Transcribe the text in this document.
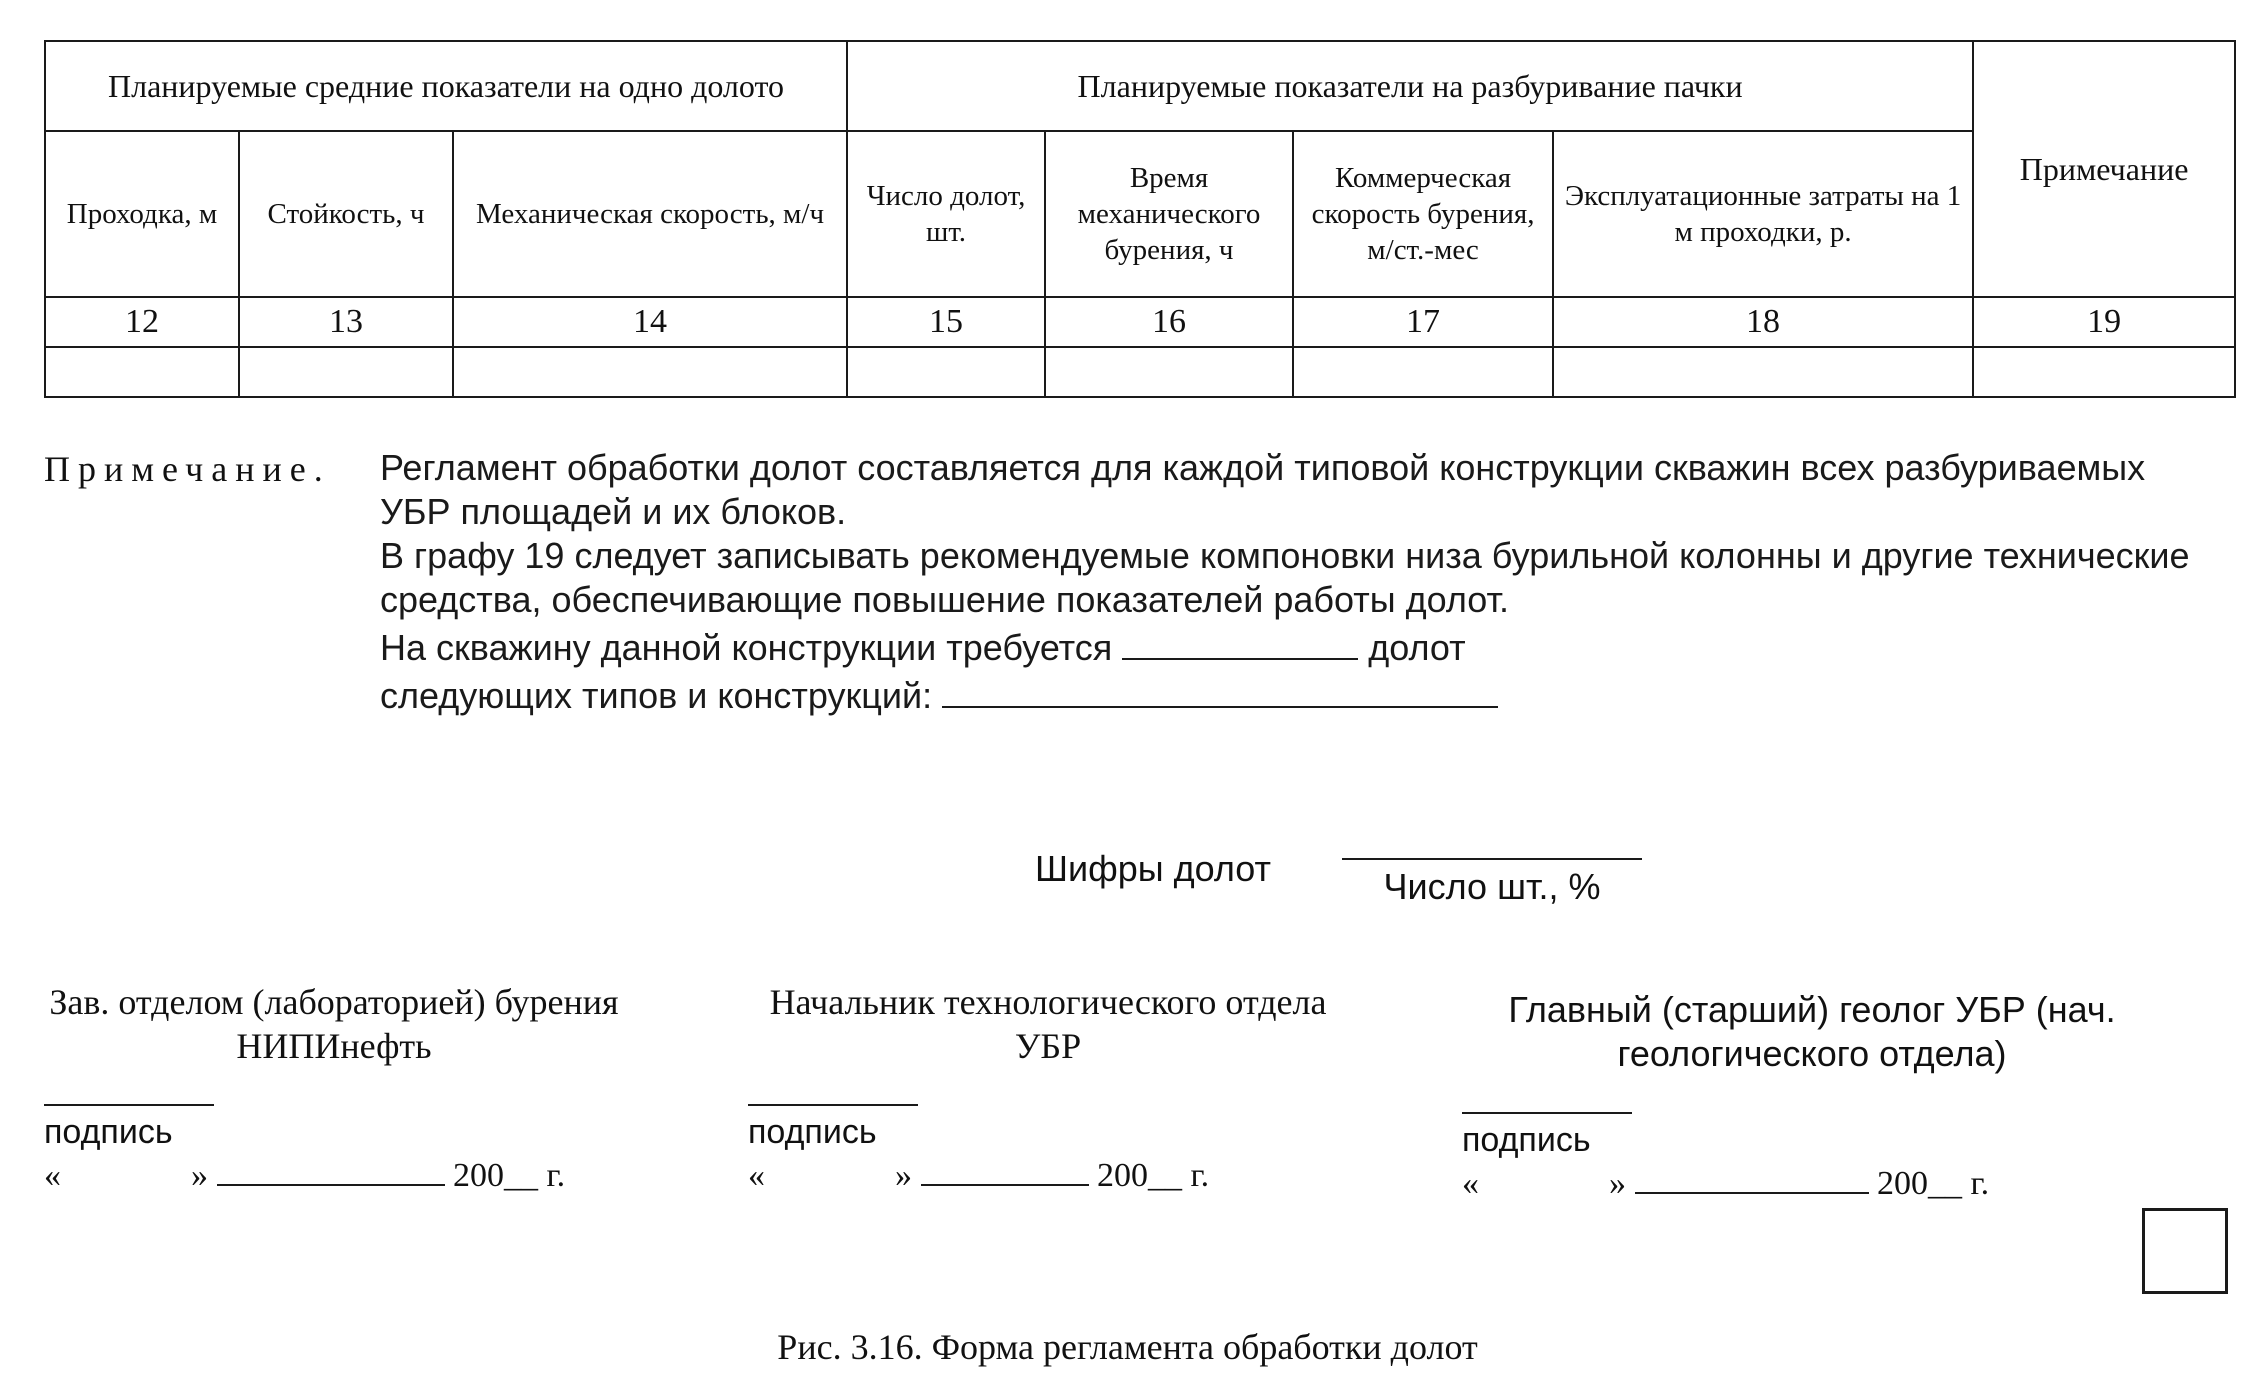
Планируемые средние показатели на одно долото			Планируемые показатели на разбуривание пачки				Примечание
Проходка, м	Стойкость, ч	Механическая скорость, м/ч	Число долот, шт.	Время механического бурения, ч	Коммерческая скорость бурения, м/ст.-мес	Эксплуатационные затраты на 1 м проходки, р.	
12	13	14	15	16	17	18	19

Примечание. Регламент обработки долот составляется для каждой типовой конструкции скважин всех разбуриваемых УБР площадей и их блоков.

В графу 19 следует записывать рекомендуемые компоновки низа бурильной колонны и другие технические средства, обеспечивающие повышение показателей работы долот.

На скважину данной конструкции требуется	долот

следующих типов и конструкций:

Шифры долот	Число шт., %
Зав. отделом (лабораторией) бурения НИПИнефть
подпись
«	»	200__ г.
Начальник технологического отдела УБР
подпись
«	»	200__ г.
Главный (старший) геолог УБР (нач. геологического отдела)
подпись
«	»	200__ г.
Рис. 3.16. Форма регламента обработки долот
